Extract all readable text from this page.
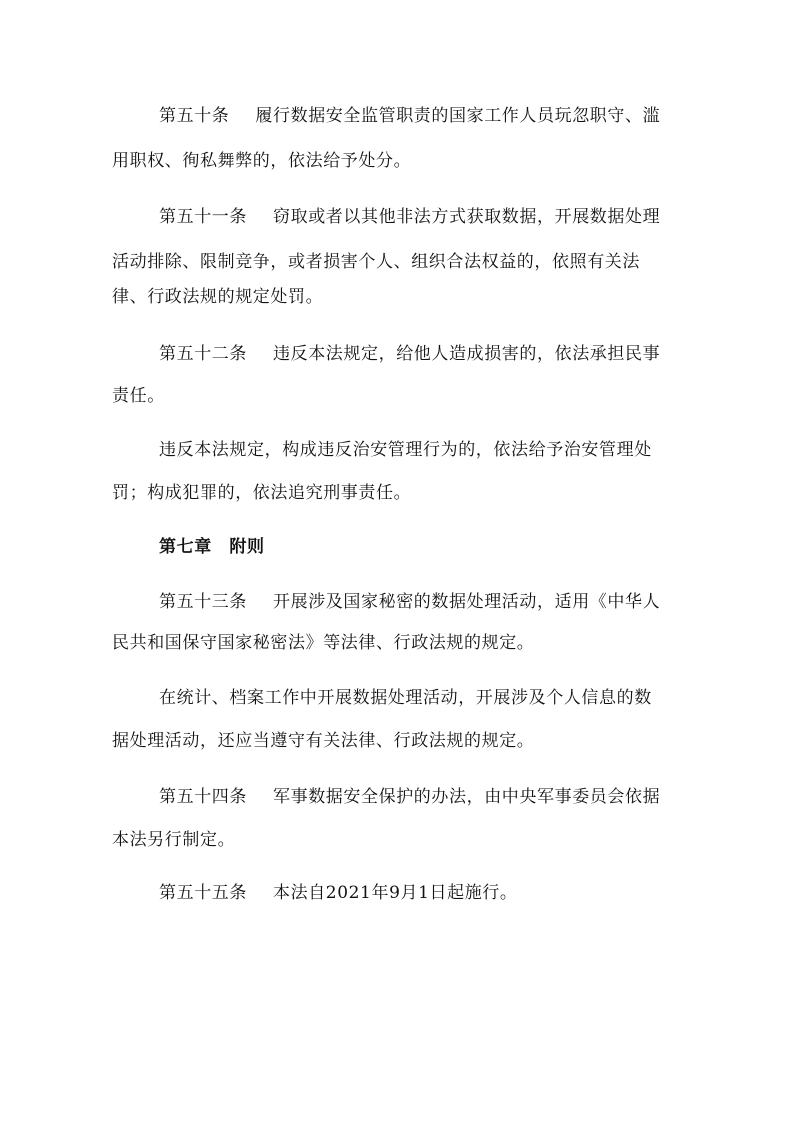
第五十条 履行数据安全监管职责的国家工作人员玩忽职守、滥
用职权、徇私舞弊的，依法给予处分。
第五十一条 窃取或者以其他非法方式获取数据，开展数据处理
活动排除、限制竞争，或者损害个人、组织合法权益的，依照有关法
律、行政法规的规定处罚。
第五十二条 违反本法规定，给他人造成损害的，依法承担民事
责任。
违反本法规定，构成违反治安管理行为的，依法给予治安管理处
罚；构成犯罪的，依法追究刑事责任。
第七章　附则
第五十三条 开展涉及国家秘密的数据处理活动，适用《中华人
民共和国保守国家秘密法》等法律、行政法规的规定。
在统计、档案工作中开展数据处理活动，开展涉及个人信息的数
据处理活动，还应当遵守有关法律、行政法规的规定。
第五十四条 军事数据安全保护的办法，由中央军事委员会依据
本法另行制定。
第五十五条 本法自2021年9月1日起施行。
